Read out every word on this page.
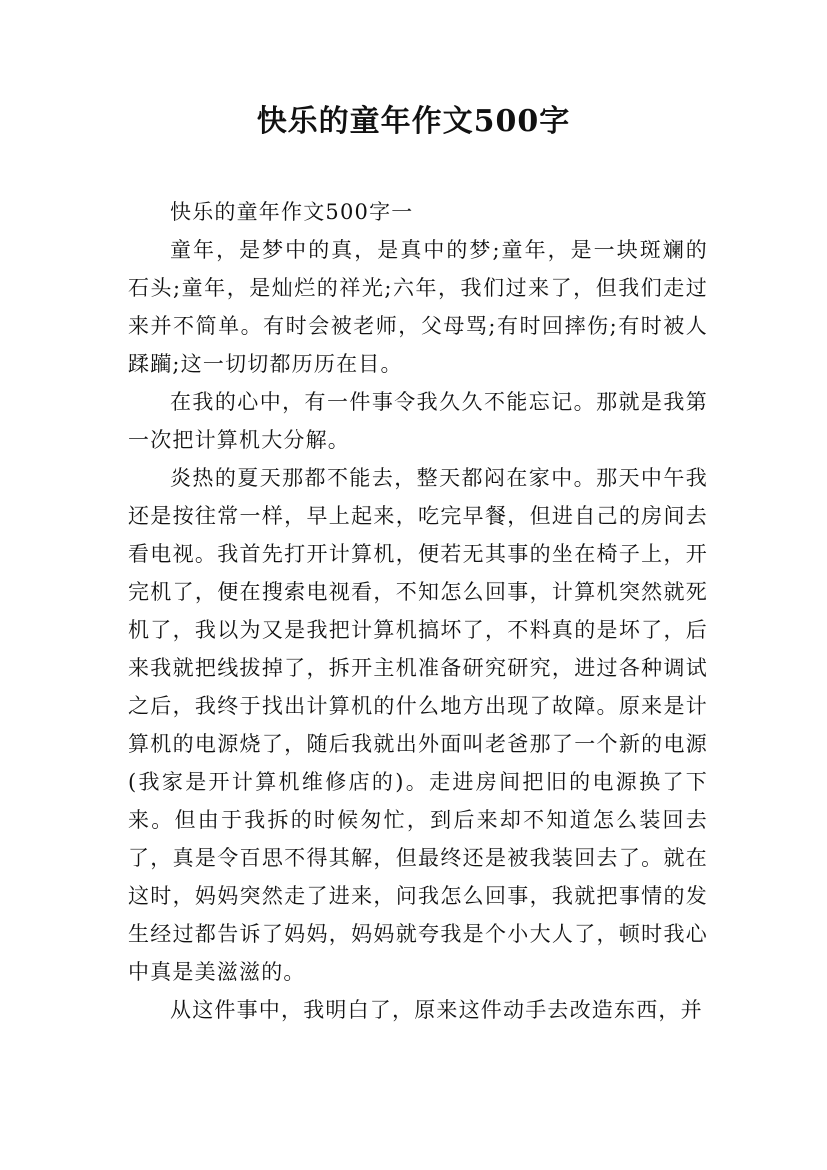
快乐的童年作文500字

快乐的童年作文500字一

童年，是梦中的真，是真中的梦;童年，是一块斑斓的石头;童年，是灿烂的祥光;六年，我们过来了，但我们走过来并不简单。有时会被老师，父母骂;有时回摔伤;有时被人蹂躏;这一切切都历历在目。

在我的心中，有一件事令我久久不能忘记。那就是我第一次把计算机大分解。

炎热的夏天那都不能去，整天都闷在家中。那天中午我还是按往常一样，早上起来，吃完早餐，但进自己的房间去看电视。我首先打开计算机，便若无其事的坐在椅子上，开完机了，便在搜索电视看，不知怎么回事，计算机突然就死机了，我以为又是我把计算机搞坏了，不料真的是坏了，后来我就把线拔掉了，拆开主机准备研究研究，进过各种调试之后，我终于找出计算机的什么地方出现了故障。原来是计算机的电源烧了，随后我就出外面叫老爸那了一个新的电源(我家是开计算机维修店的)。走进房间把旧的电源换了下来。但由于我拆的时候匆忙，到后来却不知道怎么装回去了，真是令百思不得其解，但最终还是被我装回去了。就在这时，妈妈突然走了进来，问我怎么回事，我就把事情的发生经过都告诉了妈妈，妈妈就夸我是个小大人了，顿时我心中真是美滋滋的。

从这件事中，我明白了，原来这件动手去改造东西，并
